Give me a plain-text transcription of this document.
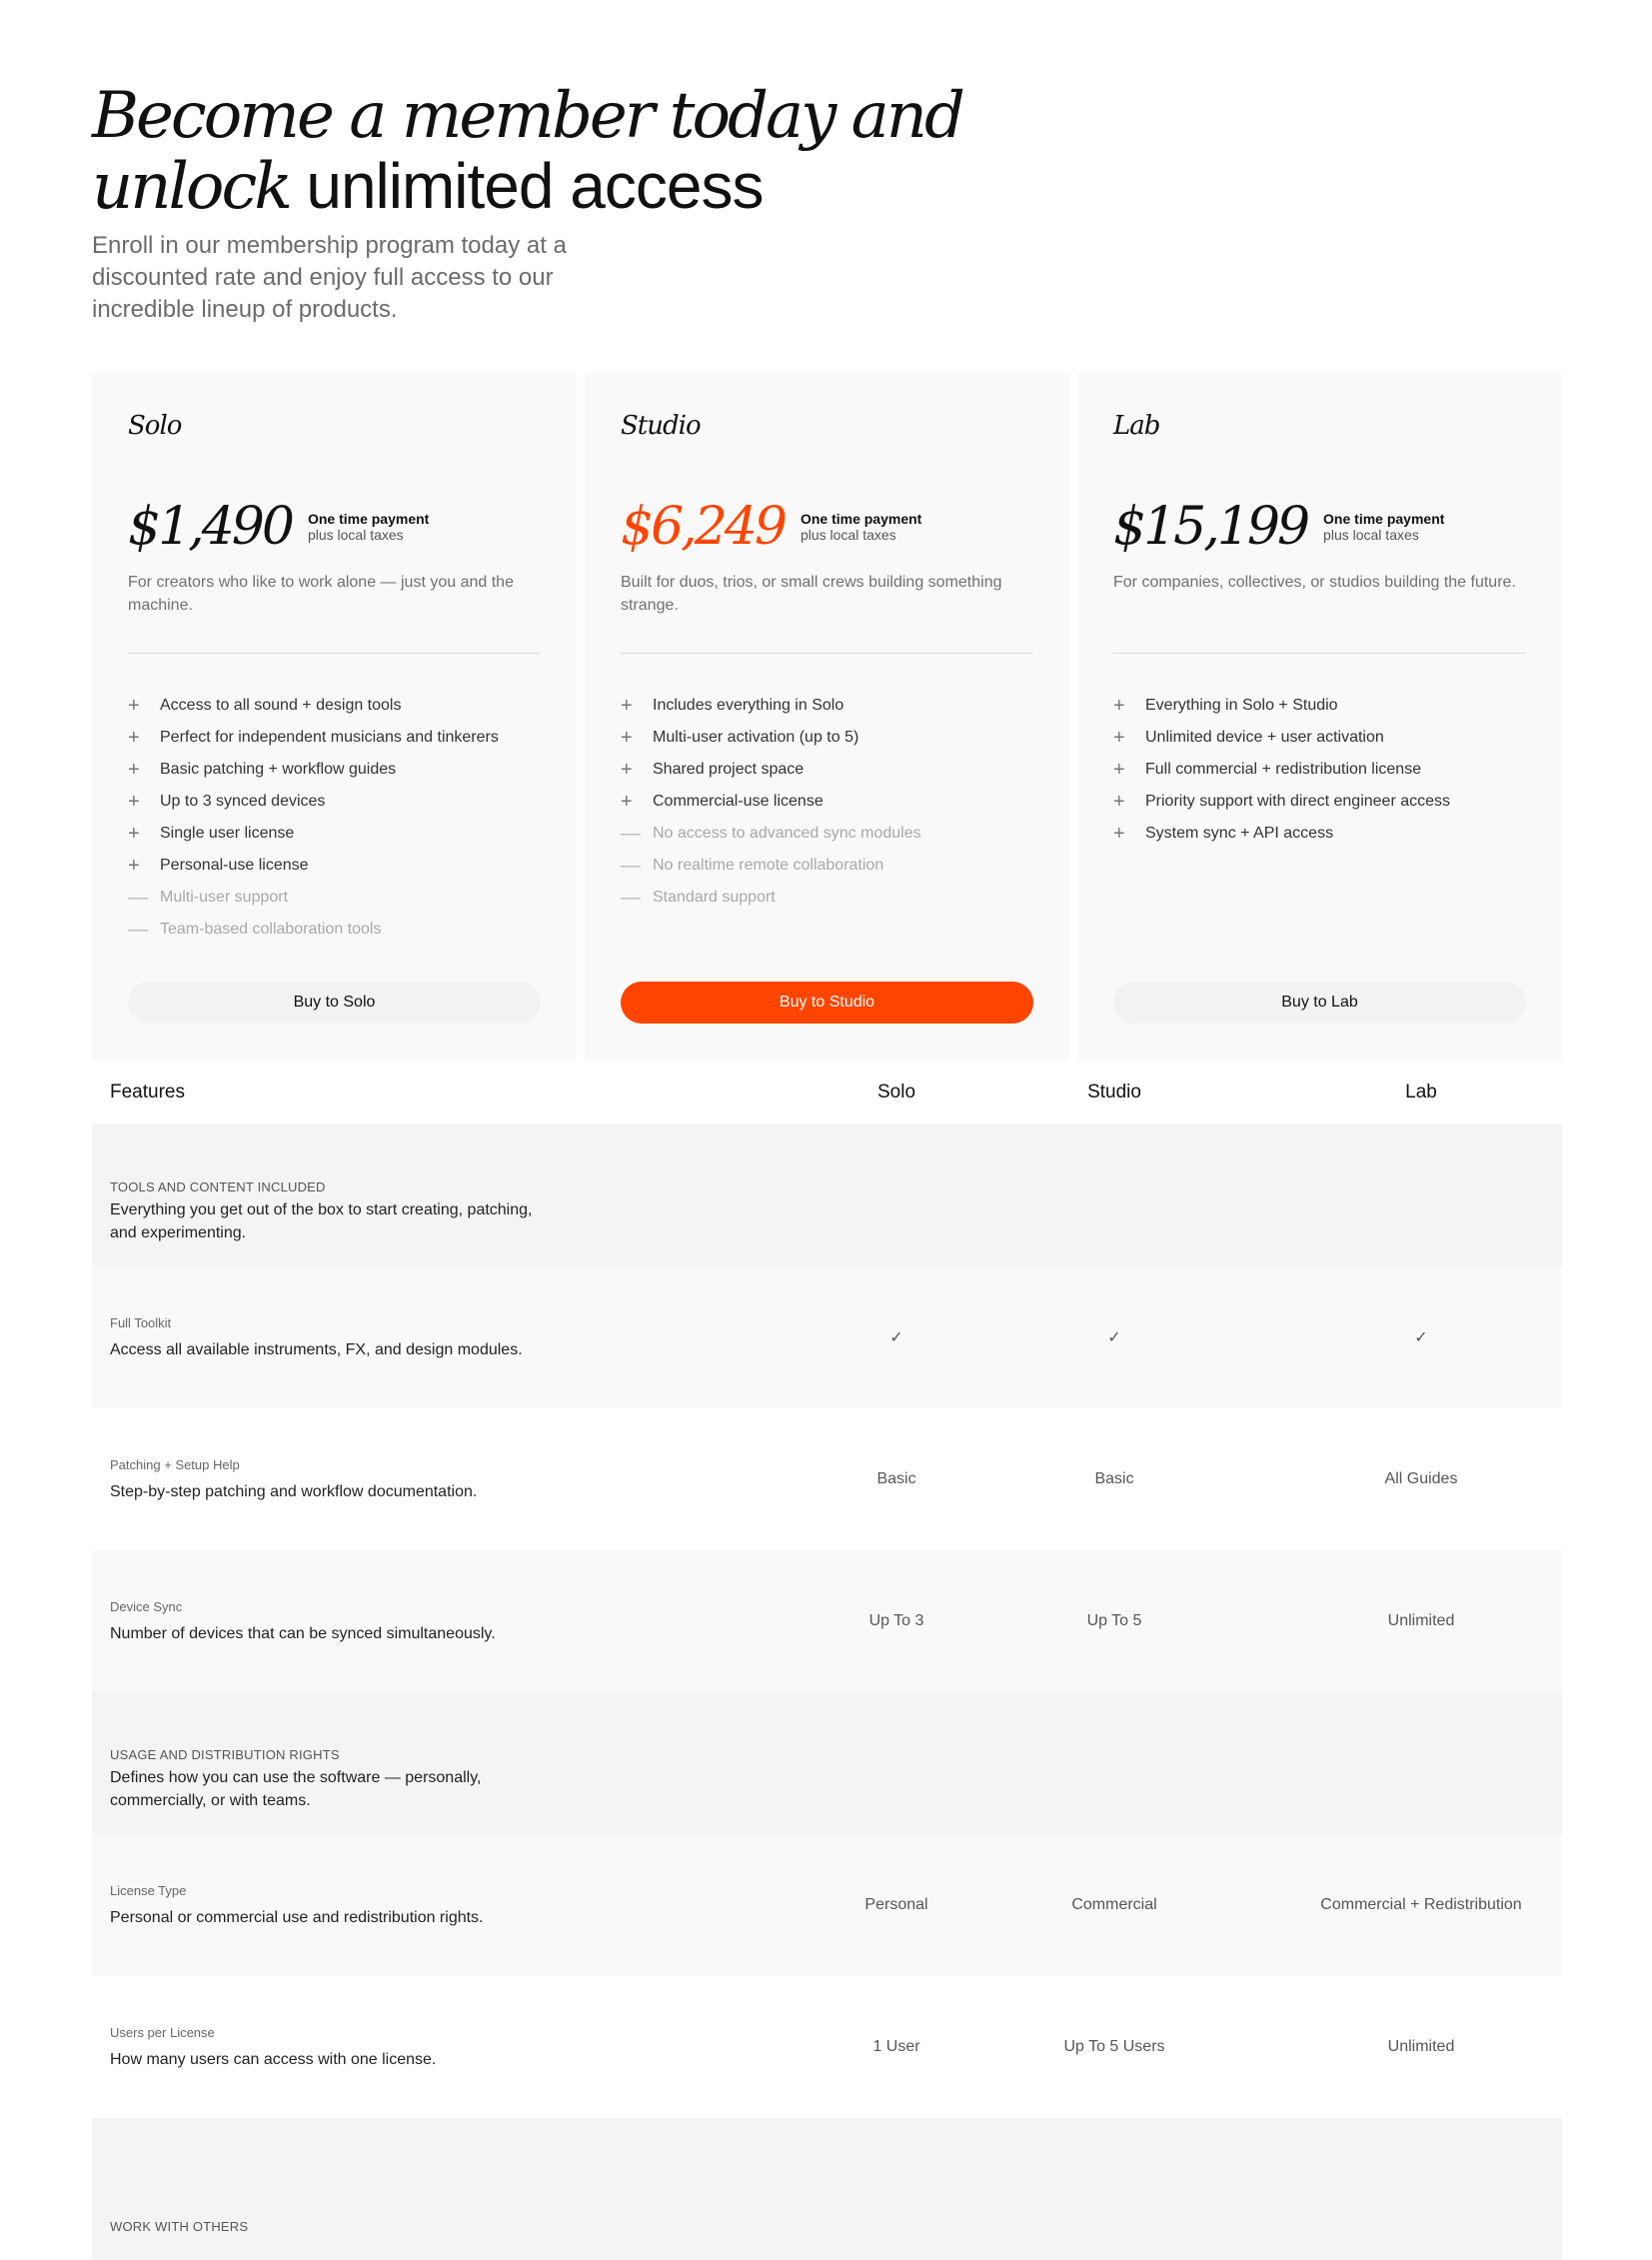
Become a member today and
unlock unlimited access

Enroll in our membership program today at a discounted rate and enjoy full access to our incredible lineup of products.

Solo
$1,490 One time payment
plus local taxes
For creators who like to work alone — just you and the machine.
+	Access to all sound + design tools
+	Perfect for independent musicians and tinkerers
+	Basic patching + workflow guides
+	Up to 3 synced devices
+	Single user license
+	Personal-use license
— Multi-user support
— Team-based collaboration tools
Buy to Solo
Studio
$6,249 One time payment
plus local taxes
Built for duos, trios, or small crews building something strange.
+	Includes everything in Solo
+	Multi-user activation (up to 5)
+	Shared project space
+	Commercial-use license
— No access to advanced sync modules
— No realtime remote collaboration
— Standard support
Buy to Studio
Lab
$15,199 One time payment
plus local taxes
For companies, collectives, or studios building the future.
+	Everything in Solo + Studio
+	Unlimited device + user activation
+	Full commercial + redistribution license
+	Priority support with direct engineer access
+	System sync + API access
Buy to Lab
Features	Solo	Studio	Lab
TOOLS AND CONTENT INCLUDED
Everything you get out of the box to start creating, patching, and experimenting.
Full Toolkit
Access all available instruments, FX, and design modules.
✓	✓	✓
Patching + Setup Help
Step-by-step patching and workflow documentation.
Basic	Basic	All Guides
Device Sync
Number of devices that can be synced simultaneously.
Up To 3	Up To 5	Unlimited
USAGE AND DISTRIBUTION RIGHTS
Defines how you can use the software — personally, commercially, or with teams.
License Type
Personal or commercial use and redistribution rights.
Personal	Commercial	Commercial + Redistribution
Users per License
How many users can access with one license.
1 User	Up To 5 Users	Unlimited
WORK WITH OTHERS
